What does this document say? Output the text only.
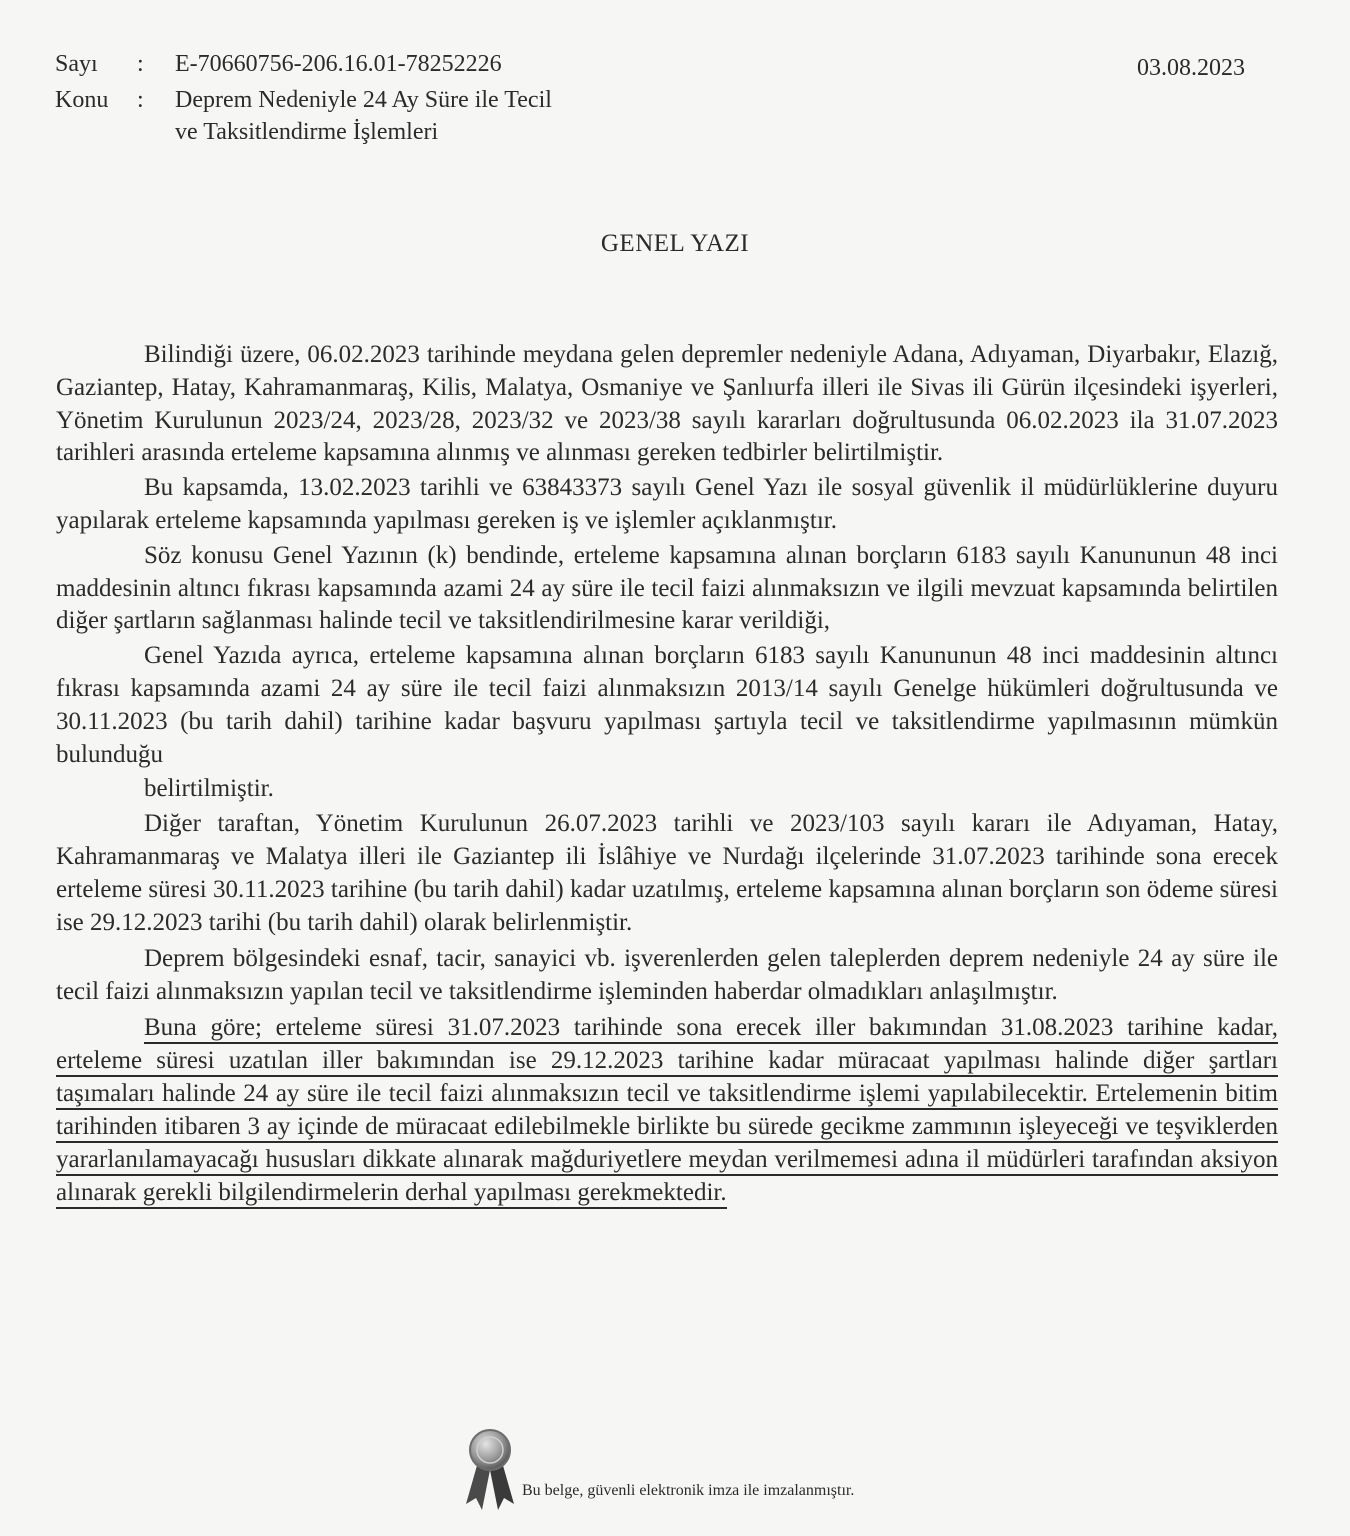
Sayı	:	E-70660756-206.16.01-78252226	03.08.2023
Konu	:	Deprem Nedeniyle 24 Ay Süre ile Tecil
ve Taksitlendirme İşlemleri
GENEL YAZI

Bilindiği üzere, 06.02.2023 tarihinde meydana gelen depremler nedeniyle Adana, Adıyaman, Diyarbakır, Elazığ, Gaziantep, Hatay, Kahramanmaraş, Kilis, Malatya, Osmaniye ve Şanlıurfa illeri ile Sivas ili Gürün ilçesindeki işyerleri, Yönetim Kurulunun 2023/24, 2023/28, 2023/32 ve 2023/38 sayılı kararları doğrultusunda 06.02.2023 ila 31.07.2023 tarihleri arasında erteleme kapsamına alınmış ve alınması gereken tedbirler belirtilmiştir.

Bu kapsamda, 13.02.2023 tarihli ve 63843373 sayılı Genel Yazı ile sosyal güvenlik il müdürlüklerine duyuru yapılarak erteleme kapsamında yapılması gereken iş ve işlemler açıklanmıştır.

Söz konusu Genel Yazının (k) bendinde, erteleme kapsamına alınan borçların 6183 sayılı Kanununun 48 inci maddesinin altıncı fıkrası kapsamında azami 24 ay süre ile tecil faizi alınmaksızın ve ilgili mevzuat kapsamında belirtilen diğer şartların sağlanması halinde tecil ve taksitlendirilmesine karar verildiği,

Genel Yazıda ayrıca, erteleme kapsamına alınan borçların 6183 sayılı Kanununun 48 inci maddesinin altıncı fıkrası kapsamında azami 24 ay süre ile tecil faizi alınmaksızın 2013/14 sayılı Genelge hükümleri doğrultusunda ve 30.11.2023 (bu tarih dahil) tarihine kadar başvuru yapılması şartıyla tecil ve taksitlendirme yapılmasının mümkün bulunduğu

belirtilmiştir.

Diğer taraftan, Yönetim Kurulunun 26.07.2023 tarihli ve 2023/103 sayılı kararı ile Adıyaman, Hatay, Kahramanmaraş ve Malatya illeri ile Gaziantep ili İslâhiye ve Nurdağı ilçelerinde 31.07.2023 tarihinde sona erecek erteleme süresi 30.11.2023 tarihine (bu tarih dahil) kadar uzatılmış, erteleme kapsamına alınan borçların son ödeme süresi ise 29.12.2023 tarihi (bu tarih dahil) olarak belirlenmiştir.

Deprem bölgesindeki esnaf, tacir, sanayici vb. işverenlerden gelen taleplerden deprem nedeniyle 24 ay süre ile tecil faizi alınmaksızın yapılan tecil ve taksitlendirme işleminden haberdar olmadıkları anlaşılmıştır.

Buna göre; erteleme süresi 31.07.2023 tarihinde sona erecek iller bakımından 31.08.2023 tarihine kadar, erteleme süresi uzatılan iller bakımından ise 29.12.2023 tarihine kadar müracaat yapılması halinde diğer şartları taşımaları halinde 24 ay süre ile tecil faizi alınmaksızın tecil ve taksitlendirme işlemi yapılabilecektir. Ertelemenin bitim tarihinden itibaren 3 ay içinde de müracaat edilebilmekle birlikte bu sürede gecikme zammının işleyeceği ve teşviklerden yararlanılamayacağı hususları dikkate alınarak mağduriyetlere meydan verilmemesi adına il müdürleri tarafından aksiyon alınarak gerekli bilgilendirmelerin derhal yapılması gerekmektedir.

Bu belge, güvenli elektronik imza ile imzalanmıştır.
